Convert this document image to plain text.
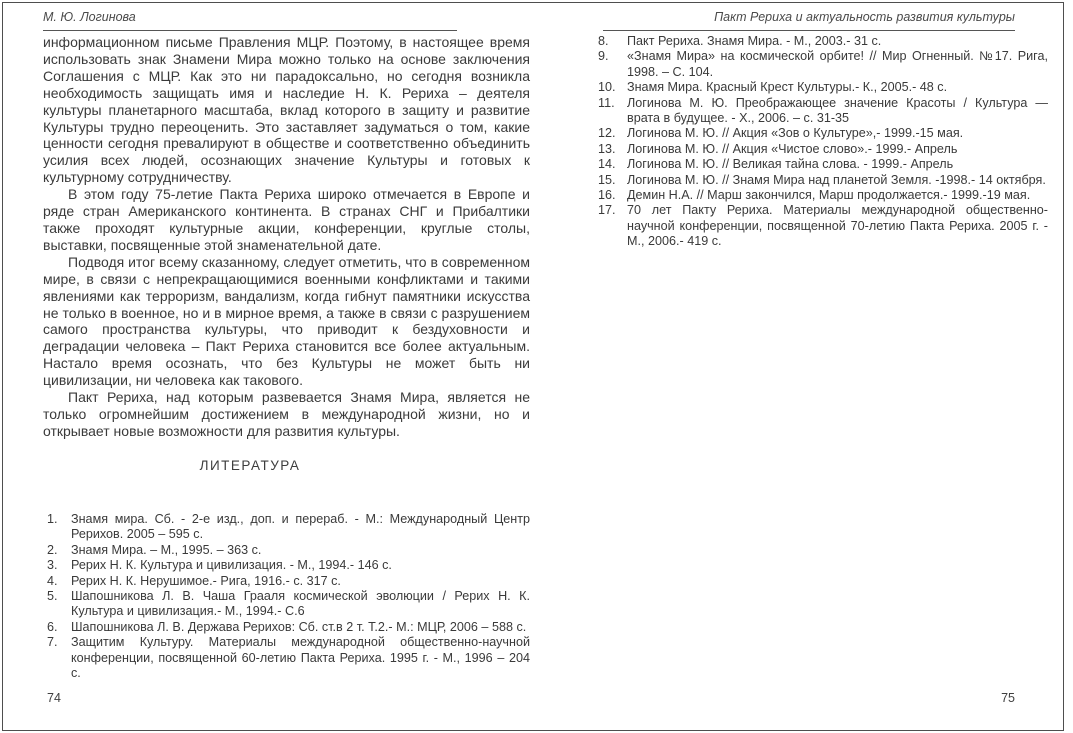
М. Ю. Логинова

информационном письме Правления МЦР. Поэтому, в настоящее время использовать знак Знамени Мира можно только на основе заключения Соглашения с МЦР. Как это ни парадоксально, но сегодня возникла необходимость защищать имя и наследие Н. К. Рериха – деятеля культуры планетарного масштаба, вклад которого в защиту и развитие Культуры трудно переоценить. Это заставляет задуматься о том, какие ценности сегодня превалируют в обществе и соответственно объединить усилия всех людей, осознающих значение Культуры и готовых к культурному сотрудничеству.

В этом году 75-летие Пакта Рериха широко отмечается в Европе и ряде стран Американского континента. В странах СНГ и Прибалтики также проходят культурные акции, конференции, круглые столы, выставки, посвященные этой знаменательной дате.

Подводя итог всему сказанному, следует отметить, что в современном мире, в связи с непрекращающимися военными конфликтами и такими явлениями как терроризм, вандализм, когда гибнут памятники искусства не только в военное, но и в мирное время, а также в связи с разрушением самого пространства культуры, что приводит к бездуховности и деградации человека – Пакт Рериха становится все более актуальным. Настало время осознать, что без Культуры не может быть ни цивилизации, ни человека как такового.

Пакт Рериха, над которым развевается Знамя Мира, является не только огромнейшим достижением в международной жизни, но и открывает новые возможности для развития культуры.

ЛИТЕРАТУРА
1.	Знамя мира. Сб. - 2-е изд., доп. и перераб. - М.: Международный Центр Рерихов. 2005 – 595 с.
2.	Знамя Мира. – М., 1995. – 363 с.
3.	Рерих Н. К. Культура и цивилизация. - М., 1994.- 146 с.
4.	Рерих Н. К. Нерушимое.- Рига, 1916.- с. 317 с.
5.	Шапошникова Л. В. Чаша Грааля космической эволюции / Рерих Н. К. Культура и цивилизация.- М., 1994.- С.6
6.	Шапошникова Л. В. Держава Рерихов: Сб. ст.в 2 т. Т.2.- М.: МЦР, 2006 – 588 с.
7.	Защитим Культуру. Материалы международной общественно-научной конференции, посвященной 60-летию Пакта Рериха. 1995 г. - М., 1996 – 204 с.
74
Пакт Рериха и актуальность развития культуры
8.	Пакт Рериха. Знамя Мира. - М., 2003.- 31 с.
9.	«Знамя Мира» на космической орбите! // Мир Огненный. №17. Рига, 1998. – С. 104.
10. Знамя Мира. Красный Крест Культуры.- К., 2005.- 48 с.
11. Логинова М. Ю. Преображающее значение Красоты / Культура — врата в будущее. - Х., 2006. – с. 31-35
12. Логинова М. Ю. // Акция «Зов о Культуре»,- 1999.-15 мая.
13. Логинова М. Ю. // Акция «Чистое слово».- 1999.- Апрель
14. Логинова М. Ю. // Великая тайна слова. - 1999.- Апрель
15. Логинова М. Ю. // Знамя Мира над планетой Земля. -1998.- 14 октября.
16. Демин Н.А. // Марш закончился, Марш продолжается.- 1999.-19 мая.
17. 70 лет Пакту Рериха. Материалы международной общественно-научной конференции, посвященной 70-летию Пакта Рериха. 2005 г. - М., 2006.- 419 с.
75
